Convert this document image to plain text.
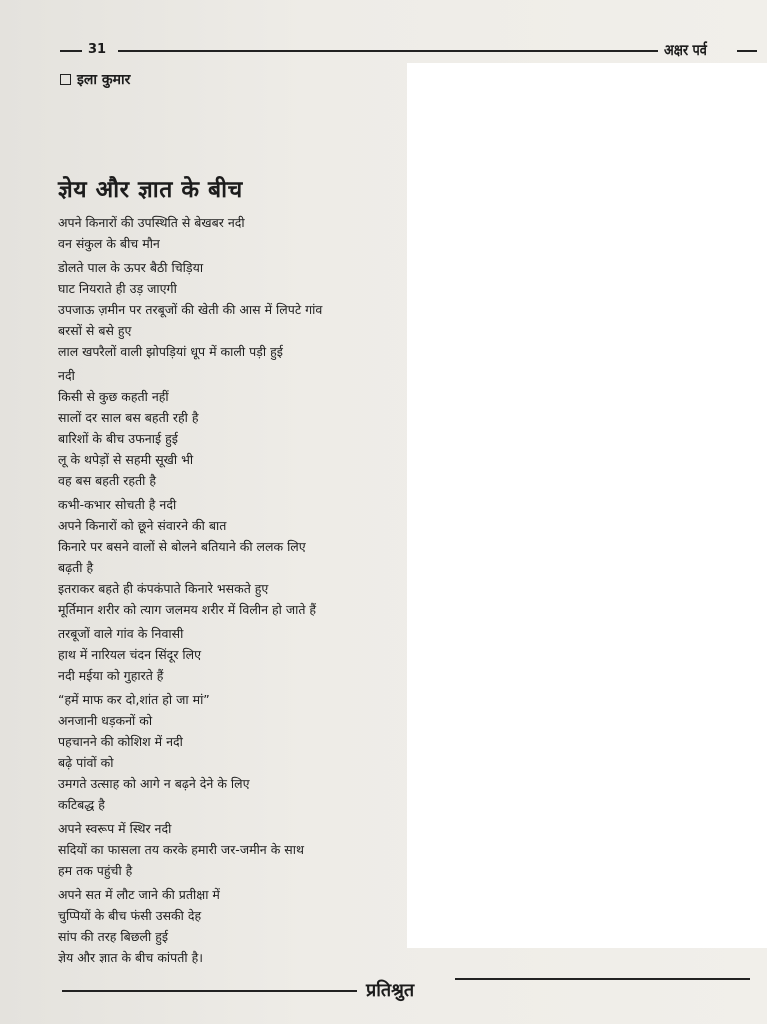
31	अक्षर पर्व
इला कुमार
ज्ञेय और ज्ञात के बीच
अपने किनारों की उपस्थिति से बेखबर नदी
वन संकुल के बीच मौन
डोलते पाल के ऊपर बैठी चिड़िया
घाट नियराते ही उड़ जाएगी
उपजाऊ ज़मीन पर तरबूजों की खेती की आस में लिपटे गांव
बरसों से बसे हुए
लाल खपरैलों वाली झोपड़ियां धूप में काली पड़ी हुई
नदी
किसी से कुछ कहती नहीं
सालों दर साल बस बहती रही है
बारिशों के बीच उफनाई हुई
लू के थपेड़ों से सहमी सूखी भी
वह बस बहती रहती है
कभी-कभार सोचती है नदी
अपने किनारों को छूने संवारने की बात
किनारे पर बसने वालों से बोलने बतियाने की ललक लिए
बढ़ती है
इतराकर बहते ही कंपकंपाते किनारे भसकते हुए
मूर्तिमान शरीर को त्याग जलमय शरीर में विलीन हो जाते हैं
तरबूजों वाले गांव के निवासी
हाथ में नारियल चंदन सिंदूर लिए
नदी मईया को गुहारते हैं
“हमें माफ कर दो,शांत हो जा मां”
अनजानी धड़कनों को
पहचानने की कोशिश में नदी
बढ़े पांवों को
उमगते उत्साह को आगे न बढ़ने देने के लिए
कटिबद्ध है
अपने स्वरूप में स्थिर नदी
सदियों का फासला तय करके हमारी जर-जमीन के साथ
हम तक पहुंची है
अपने सत में लौट जाने की प्रतीक्षा में
चुप्पियों के बीच फंसी उसकी देह
सांप की तरह बिछली हुई
ज्ञेय और ज्ञात के बीच कांपती है।
प्रतिश्रुत
